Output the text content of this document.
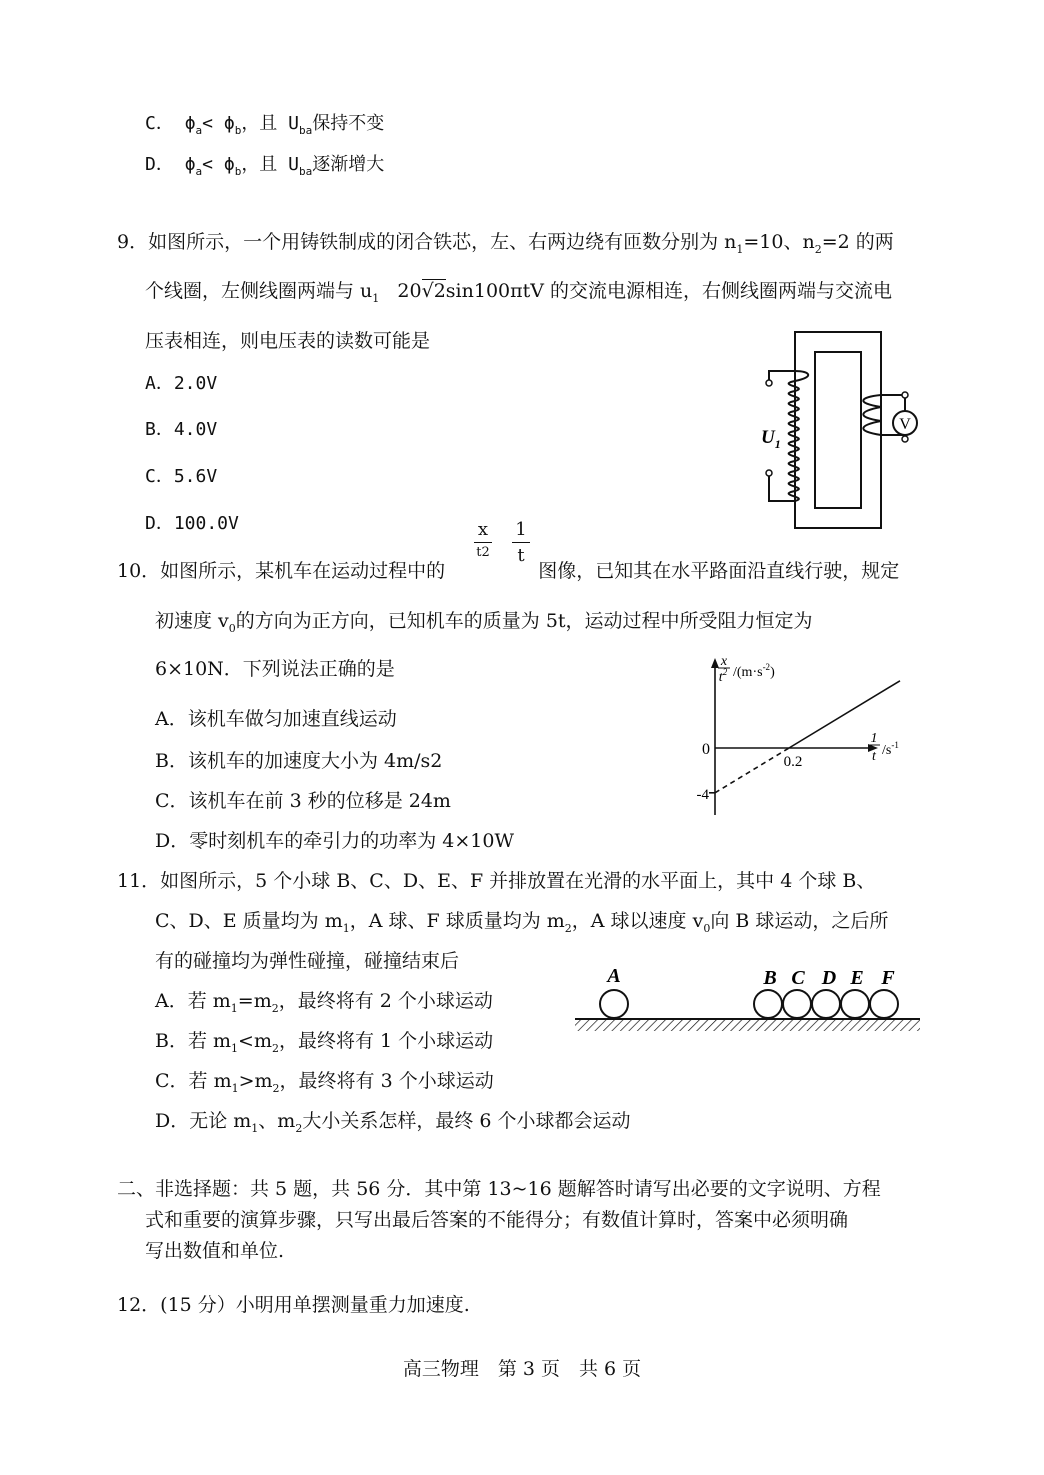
C． $\phi_a< \phi_b$，且 $U_{ba}$保持不变
D． $\phi_a< \phi_b$，且 $U_{ba}$逐渐增大
9．如图所示，一个用铸铁制成的闭合铁芯，左、右两边绕有匝数分别为 $n_1=10$、$n_2=2$ 的两
个线圈，左侧线圈两端与 $u_1$ 20√2sin100πtV 的交流电源相连，右侧线圈两端与交流电
压表相连，则电压表的读数可能是
A．2.0V
B．4.0V
C．5.6V
D．100.0V
V
$U_1$
x
t2
1
t
10．如图所示，某机车在运动过程中的	图像，已知其在水平路面沿直线行驶，规定
初速度 $v_0$的方向为正方向，已知机车的质量为 5t，运动过程中所受阻力恒定为
6×10N．下列说法正确的是
A．该机车做匀加速直线运动
B．该机车的加速度大小为 4m/s2
C．该机车在前 3 秒的位移是 24m
D．零时刻机车的牵引力的功率为 4×10W
0
0.2
-4
x
$t^2$ $/(m\cdot s^{-2})$
1
t $/s^{-1}$
11．如图所示，5 个小球 B、C、D、E、F 并排放置在光滑的水平面上，其中 4 个球 B、
C、D、E 质量均为 $m_1$，A 球、F 球质量均为 $m_2$，A 球以速度 $v_0$向 B 球运动，之后所
有的碰撞均为弹性碰撞，碰撞结束后
A．若 $m_1=m_2$，最终将有 2 个小球运动
B．若 $m_1<m_2$，最终将有 1 个小球运动
C．若 $m_1>m_2$，最终将有 3 个小球运动
D．无论 $m_1$、$m_2$大小关系怎样，最终 6 个小球都会运动
A	B C D E F
二、非选择题：共 5 题，共 56 分．其中第 13~16 题解答时请写出必要的文字说明、方程
式和重要的演算步骤，只写出最后答案的不能得分；有数值计算时，答案中必须明确
写出数值和单位.
12．(15 分）小明用单摆测量重力加速度.
高三物理　第 3 页　共 6 页
